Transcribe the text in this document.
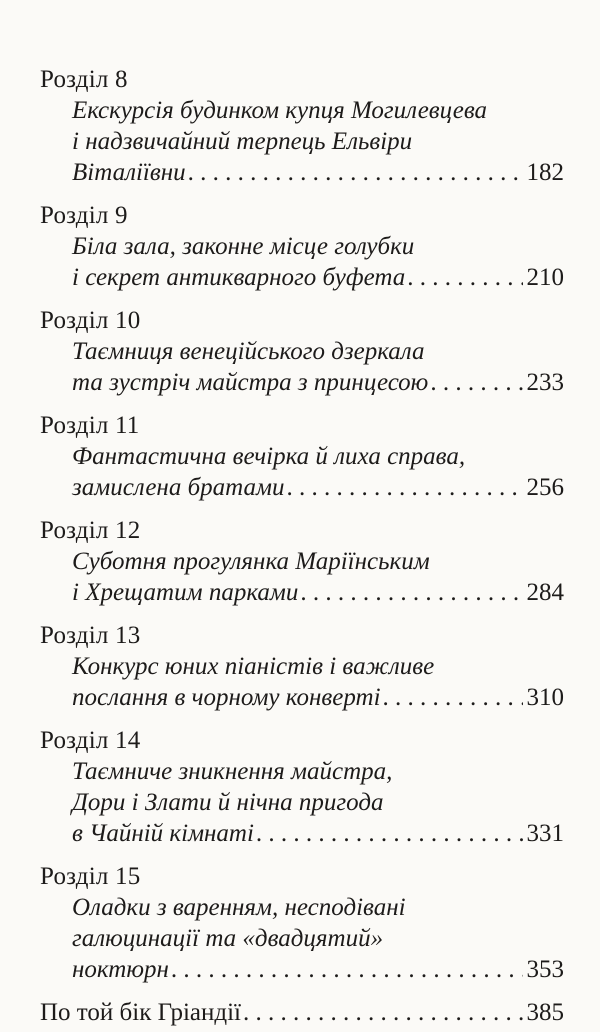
Розділ 8
Екскурсія будинком купця Могилевцева
і надзвичайний терпець Ельвіри
Віталіївни . . .	182
Розділ 9
Біла зала, законне місце голубки
і секрет антикварного буфета . . .	210
Розділ 10
Таємниця венеційського дзеркала
та зустріч майстра з принцесою . . .	233
Розділ 11
Фантастична вечірка й лиха справа,
замислена братами . . .	256
Розділ 12
Суботня прогулянка Маріїнським
і Хрещатим парками . . .	284
Розділ 13
Конкурс юних піаністів і важливе
послання в чорному конверті . . .	310
Розділ 14
Таємниче зникнення майстра,
Дори і Злати й нічна пригода
в Чайній кімнаті . . .	331
Розділ 15
Оладки з варенням, несподівані
галюцинації та «двадцятий»
ноктюрн . . .	353
По той бік Гріандії . . .	385
